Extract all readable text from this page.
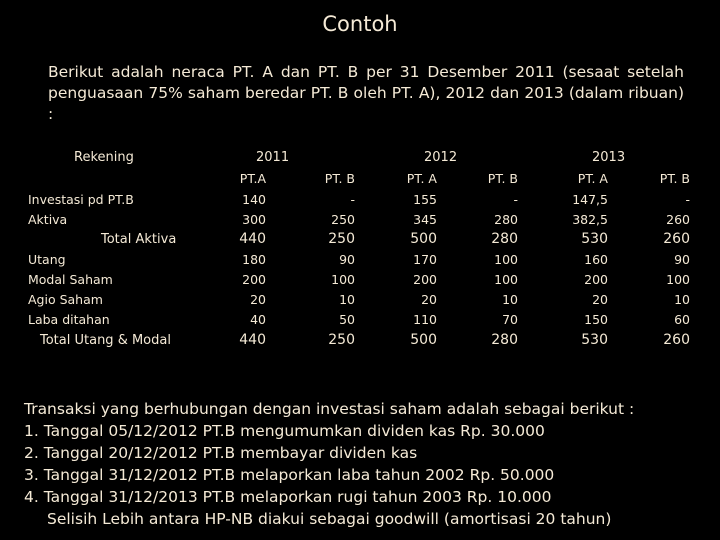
Contoh
Berikut adalah neraca PT. A dan PT. B per 31 Desember 2011 (sesaat setelah penguasaan 75% saham beredar PT. B oleh PT. A), 2012 dan 2013 (dalam ribuan) :
Rekening	2011	2012	2013
PT.A	PT. B	PT. A	PT. B	PT. A	PT. B
Investasi pd PT.B	140	-	155	-	147,5	-
Aktiva	300	250	345	280	382,5	260
Total Aktiva	440	250	500	280	530	260
Utang	180	90	170	100	160	90
Modal Saham	200	100	200	100	200	100
Agio Saham	20	10	20	10	20	10
Laba ditahan	40	50	110	70	150	60
Total Utang & Modal	440	250	500	280	530	260
Transaksi yang berhubungan dengan investasi saham adalah sebagai berikut :
1. Tanggal 05/12/2012 PT.B mengumumkan dividen kas Rp. 30.000
2. Tanggal 20/12/2012 PT.B membayar dividen kas
3. Tanggal 31/12/2012 PT.B melaporkan laba tahun 2002 Rp. 50.000
4. Tanggal 31/12/2013 PT.B melaporkan rugi tahun 2003 Rp. 10.000
Selisih Lebih antara HP-NB diakui sebagai goodwill (amortisasi 20 tahun)
